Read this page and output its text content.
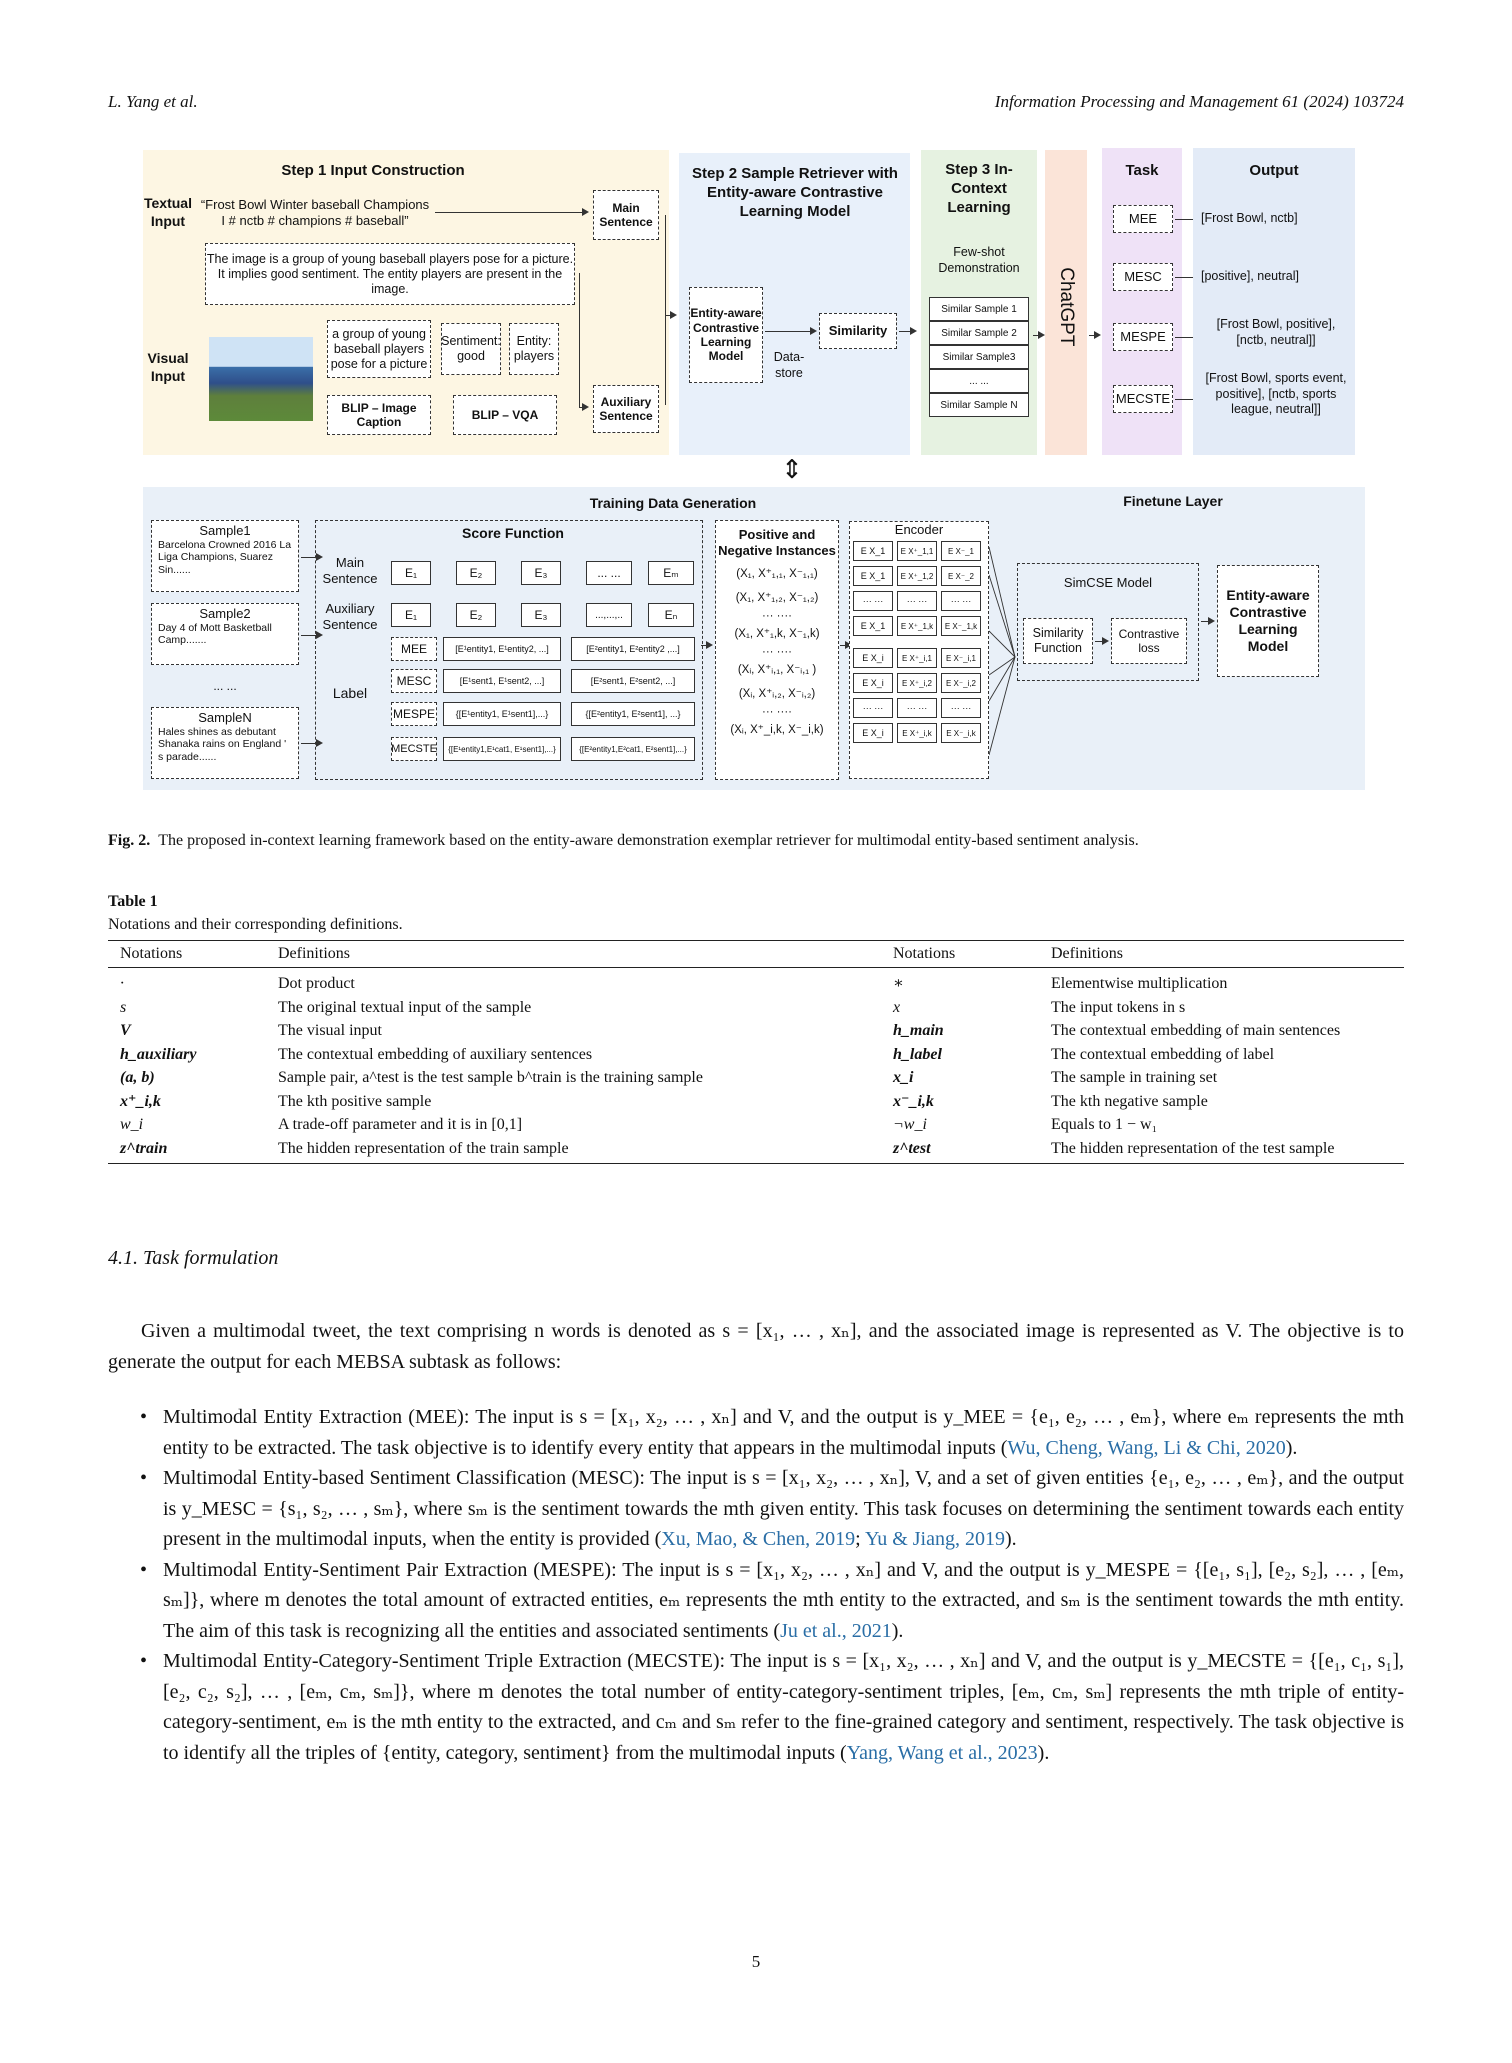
L. Yang et al.	Information Processing and Management 61 (2024) 103724
Step 1 Input Construction
Textual Input
Visual Input
“Frost Bowl Winter baseball Champions I # nctb # champions # baseball”
Main Sentence
Auxiliary Sentence
The image is a group of young baseball players pose for a picture. It implies good sentiment. The entity players are present in the image.
a group of young baseball players pose for a picture
Sentiment: good
Entity: players
BLIP – Image Caption
BLIP – VQA
Step 2 Sample Retriever with Entity-aware Contrastive Learning Model
Entity-aware Contrastive Learning Model	Data-store
Similarity
Step 3 In-Context Learning
Few-shot Demonstration
Similar Sample 1
Similar Sample 2
Similar Sample3
... ...
Similar Sample N
ChatGPT
Task
MEE
MESC
MESPE
MECSTE
Output
[Frost Bowl, nctb]
[positive], neutral]
[Frost Bowl, positive], [nctb, neutral]]
[Frost Bowl, sports event, positive], [nctb, sports league, neutral]]
⇕
Training Data Generation	Finetune Layer
Sample1
Barcelona Crowned 2016 La Liga Champions, Suarez Sin......
Sample2
Day 4 of Mott Basketball Camp.......
... ...
SampleN
Hales shines as debutant Shanaka rains on England ' s parade......
Score Function
Main Sentence
Auxiliary Sentence
Label
E₁	E₂	E₃	... ...	Eₘ
E₁	E₂	E₃	...,...,..	Eₙ
MEE	[E¹entity1, E¹entity2, ...]	[E²entity1, E²entity2 ,...]
MESC	[E¹sent1, E¹sent2, ...]	[E²sent1, E²sent2, ...]
MESPE	{[E¹entity1, E¹sent1],...}	{[E²entity1, E²sent1], ...}
MECSTE	{[E¹entity1,E¹cat1, E¹sent1],...}	{[E²entity1,E²cat1, E²sent1],...}
Positive and Negative Instances
(X₁, X⁺₁,₁, X⁻₁,₁)
(X₁, X⁺₁,₂, X⁻₁,₂)
··· ····
(X₁, X⁺₁,k, X⁻₁,k)
··· ····
(Xᵢ, X⁺ᵢ,₁, X⁻ᵢ,₁ )
(Xᵢ, X⁺ᵢ,₂, X⁻ᵢ,₂)
··· ····
(Xᵢ, X⁺_i,k, X⁻_i,k)
Encoder
E X_1	E X⁺_1,1	E X⁻_1
E X_1	E X⁺_1,2	E X⁻_2
··· ···	··· ···	··· ···
E X_1	E X⁺_1,k	E X⁻_1,k
E X_i	E X⁺_i,1	E X⁻_i,1
E X_i	E X⁺_i,2	E X⁻_i,2
··· ···	··· ···	··· ···
E X_i	E X⁺_i,k	E X⁻_i,k
SimCSE Model
Similarity Function
Contrastive loss
Entity-aware Contrastive Learning Model
Fig. 2. The proposed in-context learning framework based on the entity-aware demonstration exemplar retriever for multimodal entity-based sentiment analysis.
Table 1
Notations and their corresponding definitions.
Notations	Definitions	Notations	Definitions
·	Dot product	∗	Elementwise multiplication
s	The original textual input of the sample	x	The input tokens in s
V	The visual input	h_main	The contextual embedding of main sentences
h_auxiliary	The contextual embedding of auxiliary sentences	h_label	The contextual embedding of label
(a, b)	Sample pair, a^test is the test sample b^train is the training sample	x_i	The sample in training set
x⁺_i,k	The kth positive sample	x⁻_i,k	The kth negative sample
w_i	A trade-off parameter and it is in [0,1]	¬w_i	Equals to 1 − w₁
z^train	The hidden representation of the train sample	z^test	The hidden representation of the test sample
4.1. Task formulation
Given a multimodal tweet, the text comprising n words is denoted as s = [x₁, … , xₙ], and the associated image is represented as V. The objective is to generate the output for each MEBSA subtask as follows:
• Multimodal Entity Extraction (MEE): The input is s = [x₁, x₂, … , xₙ] and V, and the output is y_MEE = {e₁, e₂, … , eₘ}, where eₘ represents the mth entity to be extracted. The task objective is to identify every entity that appears in the multimodal inputs (Wu, Cheng, Wang, Li & Chi, 2020).
• Multimodal Entity-based Sentiment Classification (MESC): The input is s = [x₁, x₂, … , xₙ], V, and a set of given entities {e₁, e₂, … , eₘ}, and the output is y_MESC = {s₁, s₂, … , sₘ}, where sₘ is the sentiment towards the mth given entity. This task focuses on determining the sentiment towards each entity present in the multimodal inputs, when the entity is provided (Xu, Mao, & Chen, 2019; Yu & Jiang, 2019).
• Multimodal Entity-Sentiment Pair Extraction (MESPE): The input is s = [x₁, x₂, … , xₙ] and V, and the output is y_MESPE = {[e₁, s₁], [e₂, s₂], … , [eₘ, sₘ]}, where m denotes the total amount of extracted entities, eₘ represents the mth entity to the extracted, and sₘ is the sentiment towards the mth entity. The aim of this task is recognizing all the entities and associated sentiments (Ju et al., 2021).
• Multimodal Entity-Category-Sentiment Triple Extraction (MECSTE): The input is s = [x₁, x₂, … , xₙ] and V, and the output is y_MECSTE = {[e₁, c₁, s₁], [e₂, c₂, s₂], … , [eₘ, cₘ, sₘ]}, where m denotes the total number of entity-category-sentiment triples, [eₘ, cₘ, sₘ] represents the mth triple of entity-category-sentiment, eₘ is the mth entity to the extracted, and cₘ and sₘ refer to the fine-grained category and sentiment, respectively. The task objective is to identify all the triples of {entity, category, sentiment} from the multimodal inputs (Yang, Wang et al., 2023).
5
